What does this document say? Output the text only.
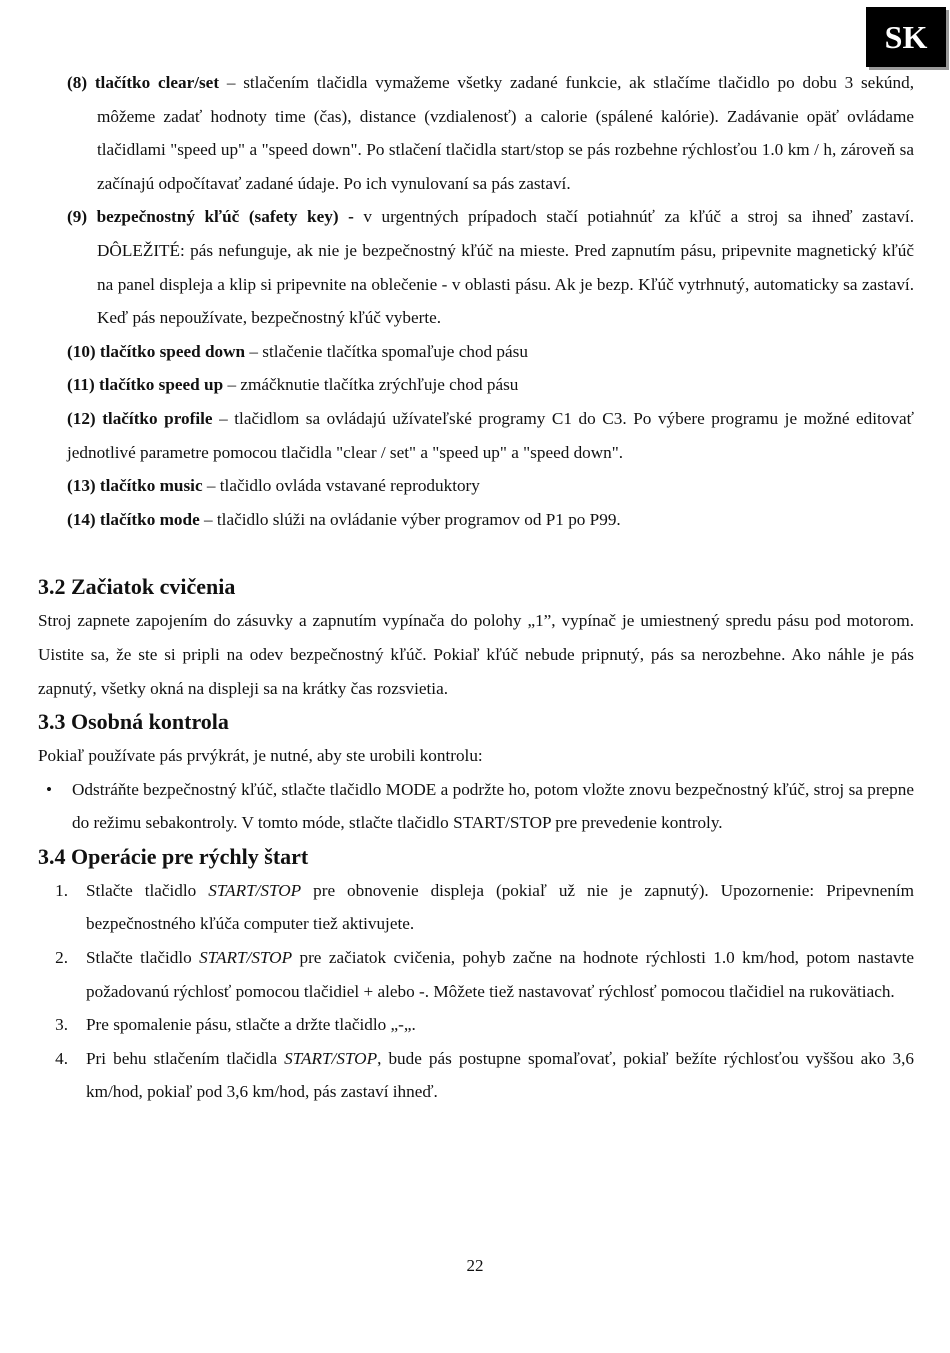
SK

(8) tlačítko clear/set – stlačením tlačidla vymažeme všetky zadané funkcie, ak stlačíme tlačidlo po dobu 3 sekúnd, môžeme zadať hodnoty time (čas), distance (vzdialenosť) a calorie (spálené kalórie). Zadávanie opäť ovládame tlačidlami "speed up" a "speed down". Po stlačení tlačidla start/stop se pás rozbehne rýchlosťou 1.0 km / h, zároveň sa začínajú odpočítavať zadané údaje. Po ich vynulovaní sa pás zastaví.

(9) bezpečnostný kľúč (safety key) - v urgentných prípadoch stačí potiahnúť za kľúč a stroj sa ihneď zastaví. DÔLEŽITÉ: pás nefunguje, ak nie je bezpečnostný kľúč na mieste. Pred zapnutím pásu, pripevnite magnetický kľúč na panel displeja a klip si pripevnite na oblečenie - v oblasti pásu. Ak je bezp. Kľúč vytrhnutý, automaticky sa zastaví. Keď pás nepoužívate, bezpečnostný kľúč vyberte.

(10) tlačítko speed down – stlačenie tlačítka spomaľuje chod pásu

(11) tlačítko speed up – zmáčknutie tlačítka zrýchľuje chod pásu

(12) tlačítko profile – tlačidlom sa ovládajú užívateľské programy C1 do C3. Po výbere programu je možné editovať jednotlivé parametre pomocou tlačidla "clear / set" a "speed up" a "speed down".

(13) tlačítko music – tlačidlo ovláda vstavané reproduktory

(14) tlačítko mode – tlačidlo slúži na ovládanie výber programov od P1 po P99.

3.2 Začiatok cvičenia

Stroj zapnete zapojením do zásuvky a zapnutím vypínača do polohy „1”, vypínač je umiestnený spredu pásu pod motorom. Uistite sa, že ste si pripli na odev bezpečnostný kľúč. Pokiaľ kľúč nebude pripnutý, pás sa nerozbehne. Ako náhle je pás zapnutý, všetky okná na displeji sa na krátky čas rozsvietia.

3.3 Osobná kontrola

Pokiaľ používate pás prvýkrát, je nutné, aby ste urobili kontrolu:

•	Odstráňte bezpečnostný kľúč, stlačte tlačidlo MODE a podržte ho, potom vložte znovu bezpečnostný kľúč, stroj sa prepne do režimu sebakontroly. V tomto móde, stlačte tlačidlo START/STOP pre prevedenie kontroly.
3.4 Operácie pre rýchly štart
1. Stlačte tlačidlo START/STOP pre obnovenie displeja (pokiaľ už nie je zapnutý). Upozornenie: Pripevnením bezpečnostného kľúča computer tiež aktivujete.
2. Stlačte tlačidlo START/STOP pre začiatok cvičenia, pohyb začne na hodnote rýchlosti 1.0 km/hod, potom nastavte požadovanú rýchlosť pomocou tlačidiel + alebo -. Môžete tiež nastavovať rýchlosť pomocou tlačidiel na rukovätiach.
3. Pre spomalenie pásu, stlačte a držte tlačidlo „-„.
4. Pri behu stlačením tlačidla START/STOP, bude pás postupne spomaľovať, pokiaľ bežíte rýchlosťou vyššou ako 3,6 km/hod, pokiaľ pod 3,6 km/hod, pás zastaví ihneď.
22
